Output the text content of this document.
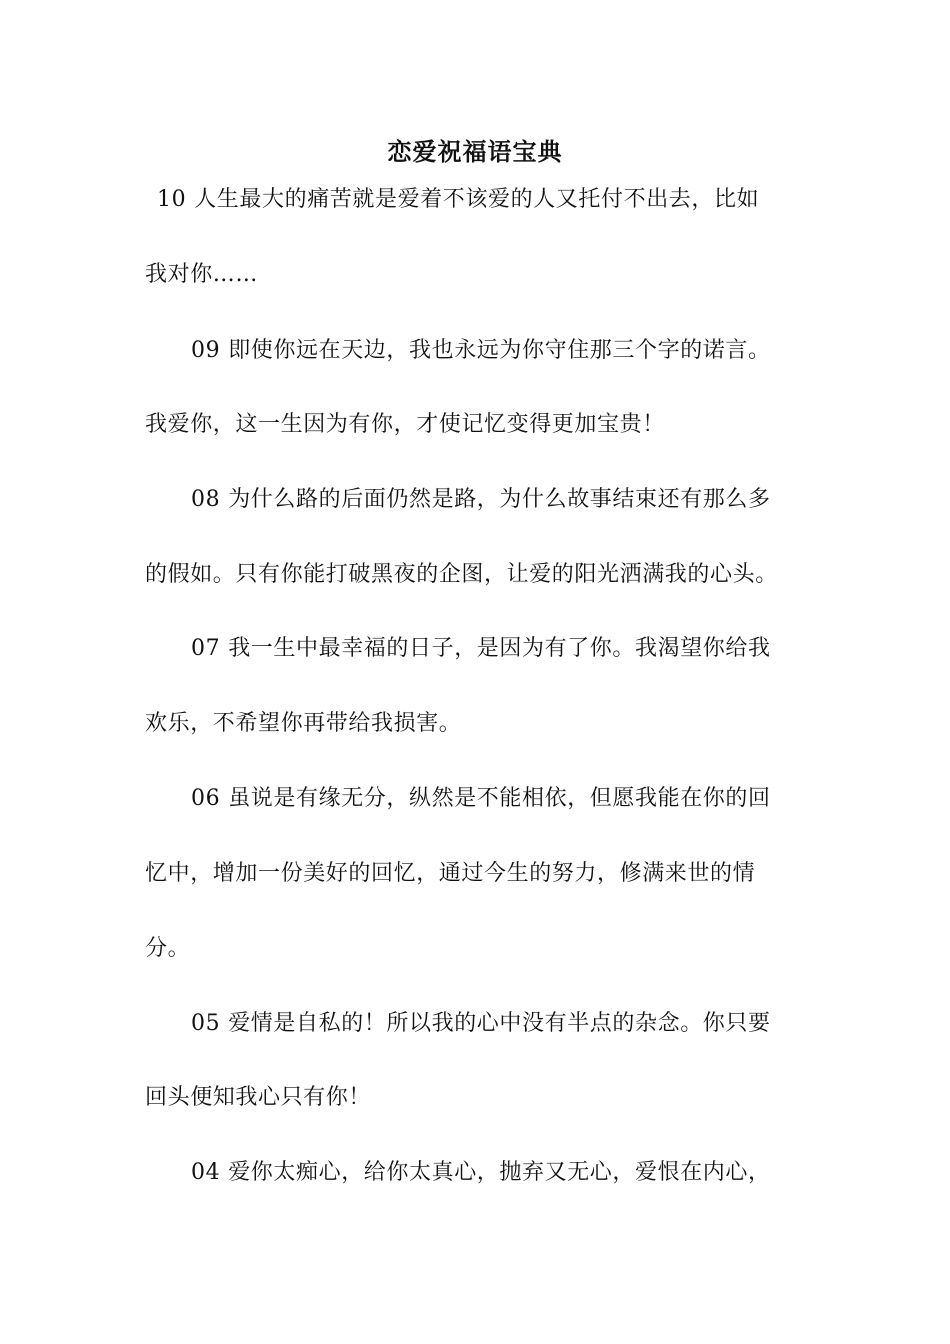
恋爱祝福语宝典
10 人生最大的痛苦就是爱着不该爱的人又托付不出去，比如
我对你……
09 即使你远在天边，我也永远为你守住那三个字的诺言。
我爱你，这一生因为有你，才使记忆变得更加宝贵！
08 为什么路的后面仍然是路，为什么故事结束还有那么多
的假如。只有你能打破黑夜的企图，让爱的阳光洒满我的心头。
07 我一生中最幸福的日子，是因为有了你。我渴望你给我
欢乐，不希望你再带给我损害。
06 虽说是有缘无分，纵然是不能相依，但愿我能在你的回
忆中，增加一份美好的回忆，通过今生的努力，修满来世的情
分。
05 爱情是自私的！所以我的心中没有半点的杂念。你只要
回头便知我心只有你！
04 爱你太痴心，给你太真心，抛弃又无心，爱恨在内心，
